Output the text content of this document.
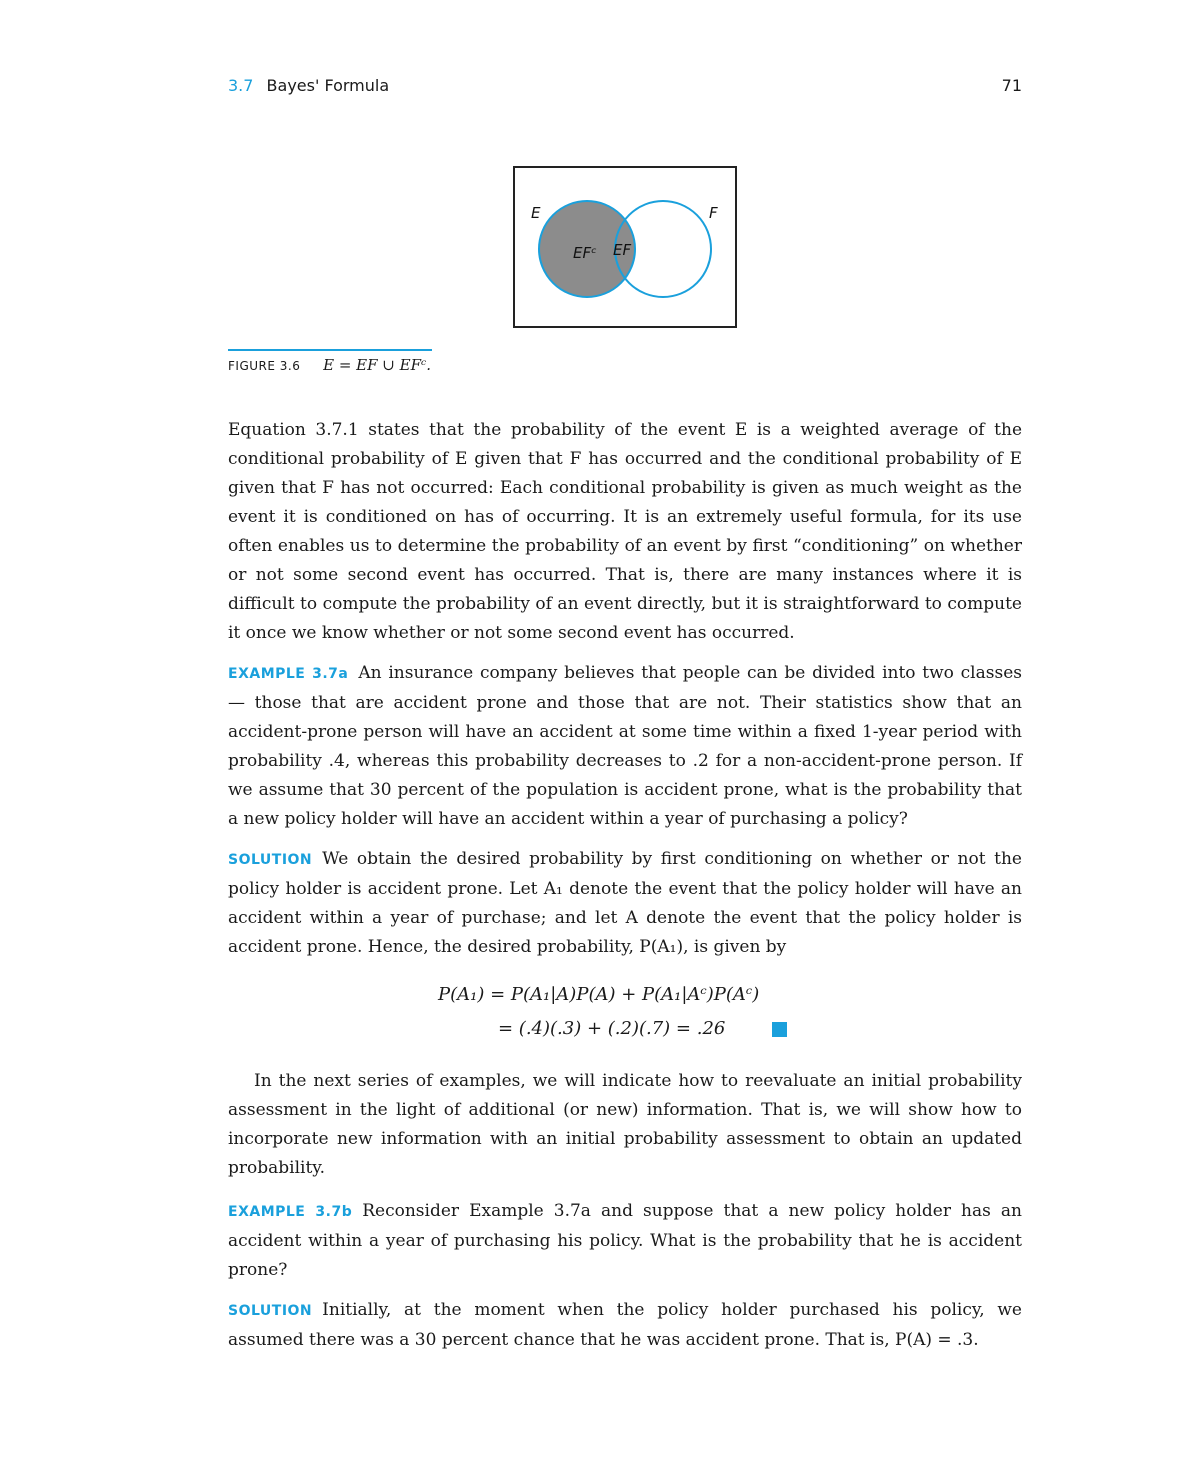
3.7 Bayes' Formula	71
E	F
EFᶜ EF
FIGURE 3.6 E = EF ∪ EFᶜ.

Equation 3.7.1 states that the probability of the event E is a weighted average of the conditional probability of E given that F has occurred and the conditional probability of E given that F has not occurred: Each conditional probability is given as much weight as the event it is conditioned on has of occurring. It is an extremely useful formula, for its use often enables us to determine the probability of an event by first “conditioning” on whether or not some second event has occurred. That is, there are many instances where it is difficult to compute the probability of an event directly, but it is straightforward to compute it once we know whether or not some second event has occurred.

EXAMPLE 3.7a An insurance company believes that people can be divided into two classes — those that are accident prone and those that are not. Their statistics show that an accident-prone person will have an accident at some time within a fixed 1-year period with probability .4, whereas this probability decreases to .2 for a non-accident-prone person. If we assume that 30 percent of the population is accident prone, what is the probability that a new policy holder will have an accident within a year of purchasing a policy?

SOLUTION We obtain the desired probability by first conditioning on whether or not the policy holder is accident prone. Let A₁ denote the event that the policy holder will have an accident within a year of purchase; and let A denote the event that the policy holder is accident prone. Hence, the desired probability, P(A₁), is given by

P(A₁) = P(A₁|A)P(A) + P(A₁|Aᶜ)P(Aᶜ)
= (.4)(.3) + (.2)(.7) = .26

In the next series of examples, we will indicate how to reevaluate an initial probability assessment in the light of additional (or new) information. That is, we will show how to incorporate new information with an initial probability assessment to obtain an updated probability.

EXAMPLE 3.7b Reconsider Example 3.7a and suppose that a new policy holder has an accident within a year of purchasing his policy. What is the probability that he is accident prone?

SOLUTION Initially, at the moment when the policy holder purchased his policy, we assumed there was a 30 percent chance that he was accident prone. That is, P(A) = .3.
